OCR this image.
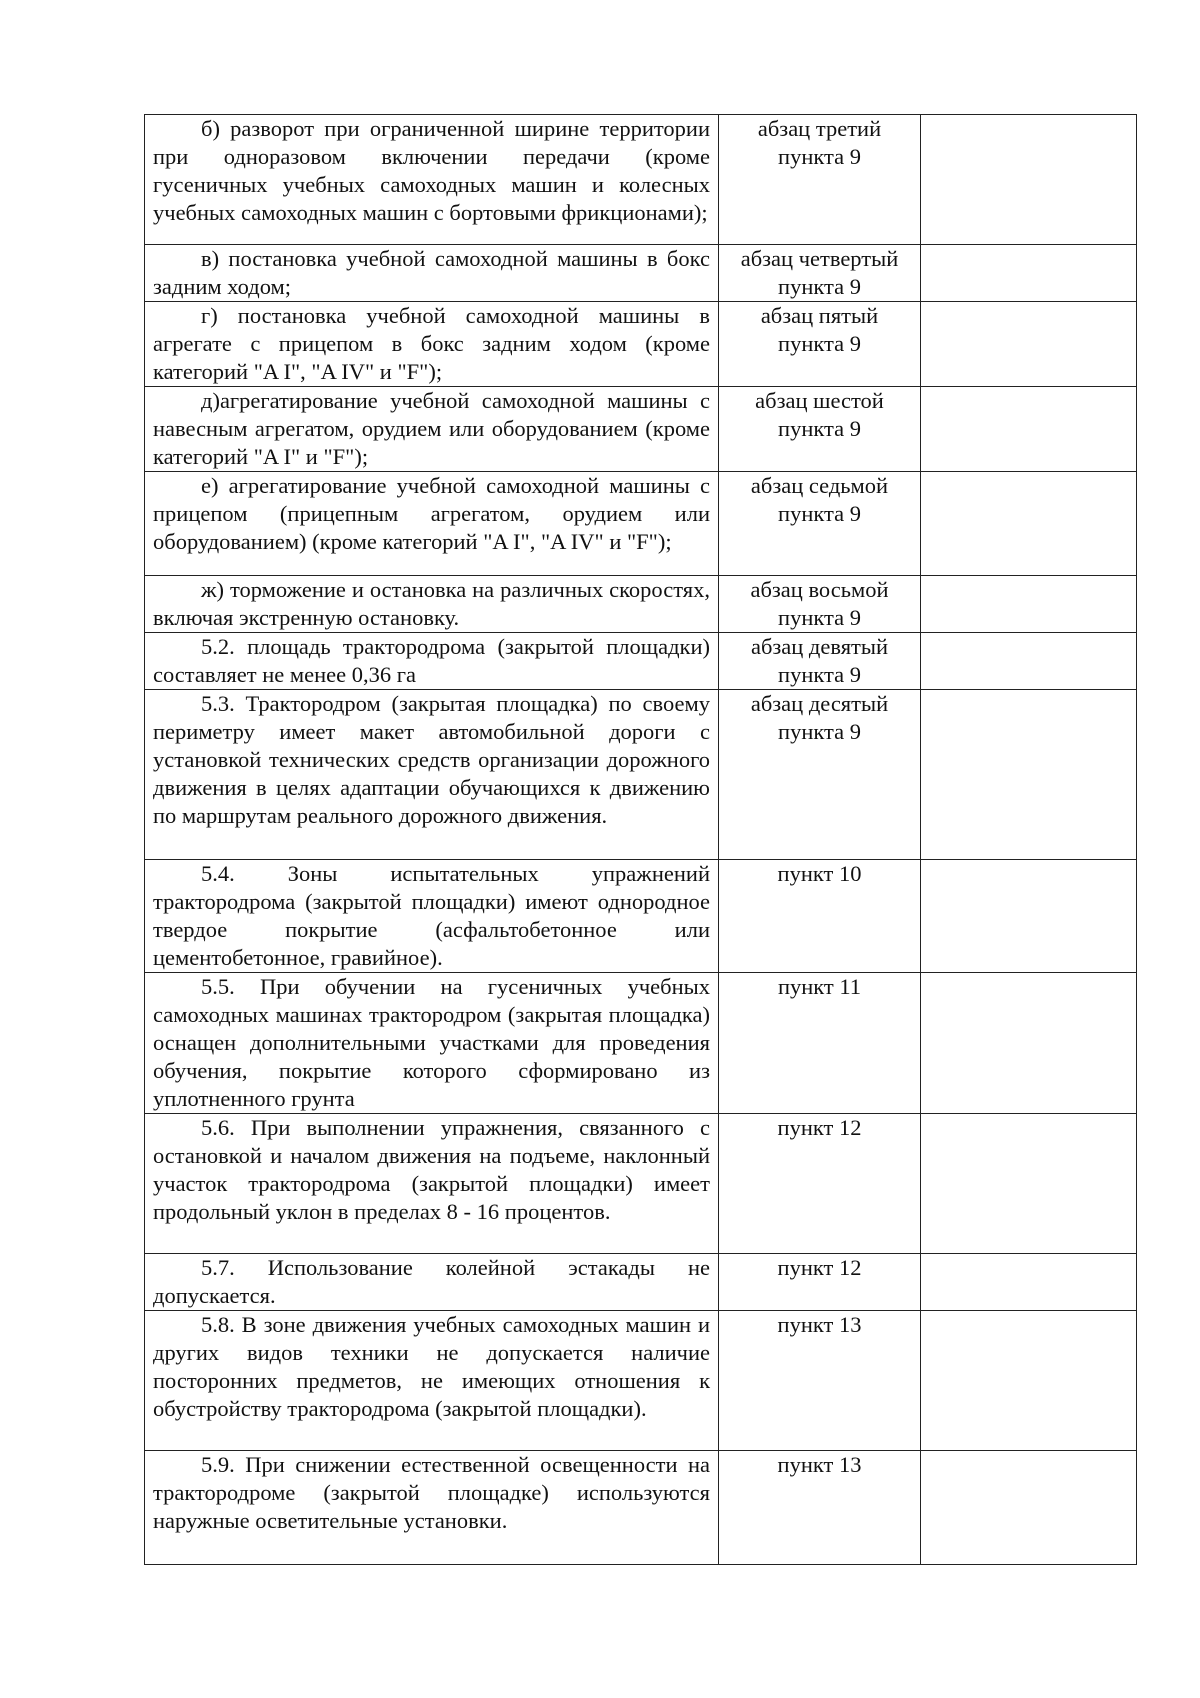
б) разворот при ограниченной ширине территории при одноразовом включении передачи (кроме гусеничных учебных самоходных машин и колесных учебных самоходных машин с бортовыми фрикционами);	абзац третий
пункта 9	

в) постановка учебной самоходной машины в бокс задним ходом;	абзац четвертый
пункта 9	

г) постановка учебной самоходной машины в агрегате с прицепом в бокс задним ходом (кроме категорий "A I", "A IV" и "F");	абзац пятый
пункта 9	

д)агрегатирование учебной самоходной машины с навесным агрегатом, орудием или оборудованием (кроме категорий "A I" и "F");	абзац шестой
пункта 9	

е) агрегатирование учебной самоходной машины с прицепом (прицепным агрегатом, орудием или оборудованием) (кроме категорий "A I", "A IV" и "F");	абзац седьмой
пункта 9	

ж) торможение и остановка на различных скоростях, включая экстренную остановку.	абзац восьмой
пункта 9	

5.2. площадь трактородрома (закрытой площадки) составляет не менее 0,36 га	абзац девятый
пункта 9	

5.3. Трактородром (закрытая площадка) по своему периметру имеет макет автомобильной дороги с установкой технических средств организации дорожного движения в целях адаптации обучающихся к движению по маршрутам реального дорожного движения.	абзац десятый
пункта 9	

5.4. Зоны испытательных упражнений трактородрома (закрытой площадки) имеют однородное твердое покрытие (асфальтобетонное или цементобетонное, гравийное).	пункт 10	

5.5. При обучении на гусеничных учебных самоходных машинах трактородром (закрытая площадка) оснащен дополнительными участками для проведения обучения, покрытие которого сформировано из уплотненного грунта	пункт 11	

5.6. При выполнении упражнения, связанного с остановкой и началом движения на подъеме, наклонный участок трактородрома (закрытой площадки) имеет продольный уклон в пределах 8 - 16 процентов.	пункт 12	

5.7. Использование колейной эстакады не допускается.	пункт 12	

5.8. В зоне движения учебных самоходных машин и других видов техники не допускается наличие посторонних предметов, не имеющих отношения к обустройству трактородрома (закрытой площадки).	пункт 13	

5.9. При снижении естественной освещенности на трактородроме (закрытой площадке) используются наружные осветительные установки.	пункт 13	
